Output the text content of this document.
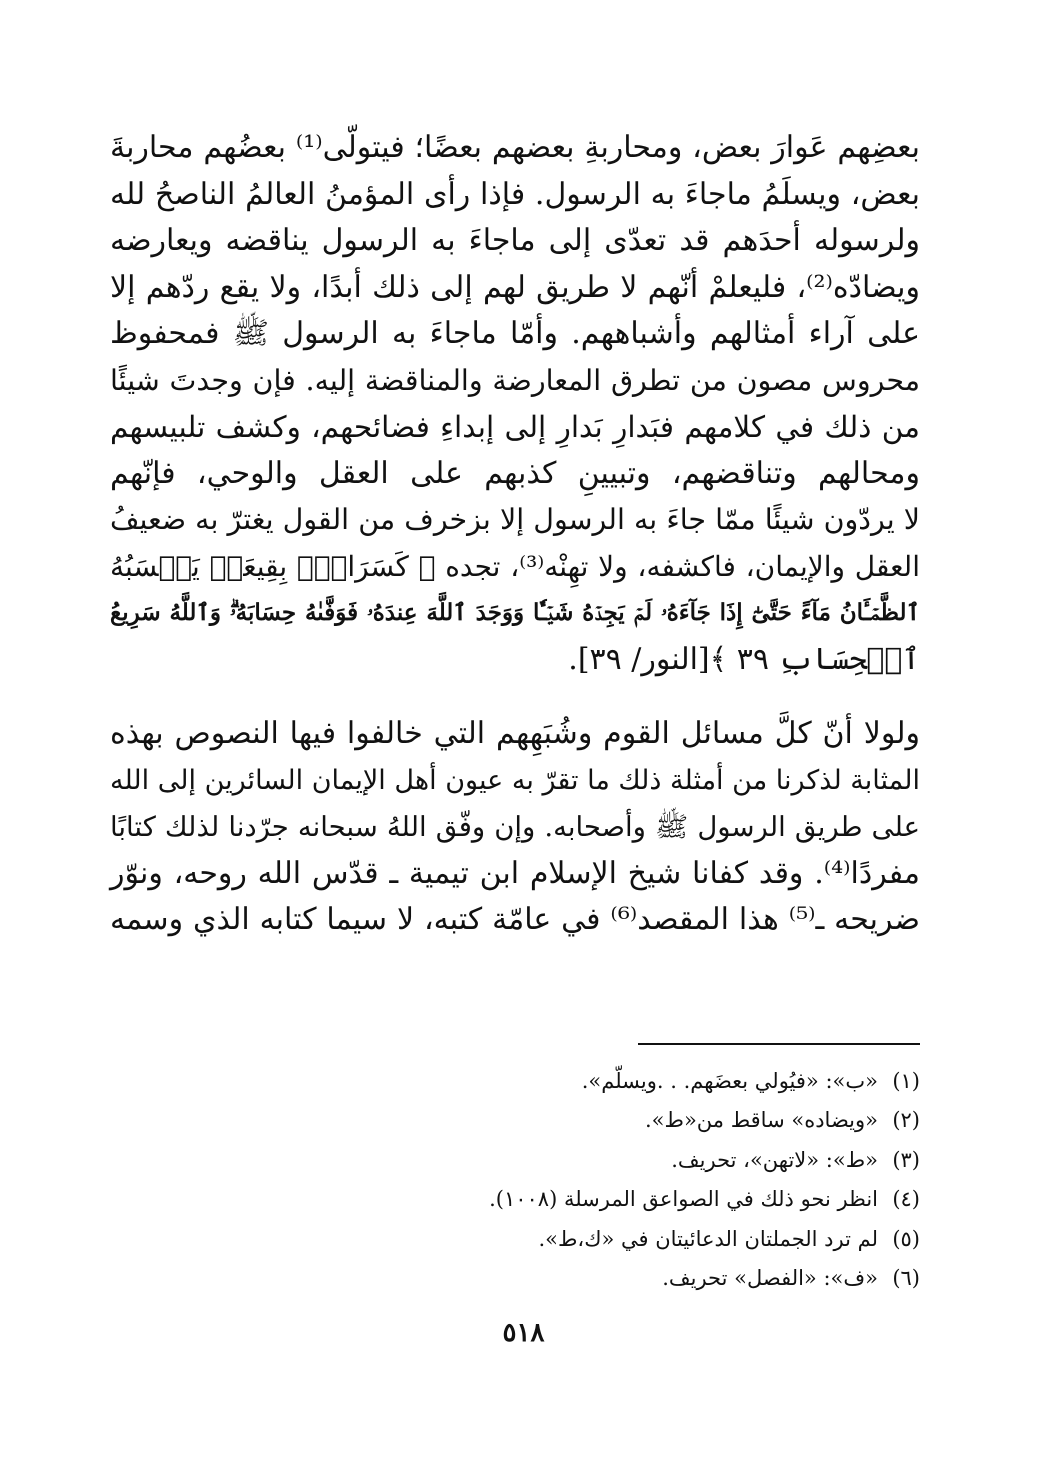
بعضِهم عَوارَ بعض، ومحاربةِ بعضهم بعضًا؛ فيتولّى⁽¹⁾ بعضُهم محاربةَ
بعض، ويسلَمُ ماجاءَ به الرسول. فإذا رأى المؤمنُ العالمُ الناصحُ لله
ولرسوله أحدَهم قد تعدّى إلى ماجاءَ به الرسول يناقضه ويعارضه
ويضادّه⁽²⁾، فليعلمْ أنّهم لا طريق لهم إلى ذلك أبدًا، ولا يقع ردّهم إلا
على آراء أمثالهم وأشباههم. وأمّا ماجاءَ به الرسول ﷺ فمحفوظ
محروس مصون من تطرق المعارضة والمناقضة إليه. فإن وجدتَ شيئًا
من ذلك في كلامهم فبَدارِ بَدارِ إلى إبداءِ فضائحهم، وكشف تلبيسهم
ومحالهم وتناقضهم، وتبيينِ كذبهم على العقل والوحي، فإنّهم
لا يردّون شيئًا ممّا جاءَ به الرسول إلا بزخرف من القول يغترّ به ضعيفُ
العقل والإيمان، فاكشفه، ولا تهِنْه⁽³⁾، تجده ﴿ كَسَرَابِۭ بِقِيعَةٖ يَحۡسَبُهُ
ٱلظَّمۡـَٔانُ مَآءً حَتَّىٰٓ إِذَا جَآءَهُۥ لَمۡ يَجِدۡهُ شَيۡـٔٗا وَوَجَدَ ٱللَّهَ عِندَهُۥ فَوَفَّىٰهُ حِسَابَهُۥۗ وَٱللَّهُ سَرِيعُ
ٱلۡحِسَابِ ٣٩ ﴾[النور/ ٣٩].

ولولا أنّ كلَّ مسائل القوم وشُبَهِهم التي خالفوا فيها النصوص بهذه
المثابة لذكرنا من أمثلة ذلك ما تقرّ به عيون أهل الإيمان السائرين إلى الله
على طريق الرسول ﷺ وأصحابه. وإن وفّق اللهُ سبحانه جرّدنا لذلك كتابًا
مفردًا⁽⁴⁾. وقد كفانا شيخ الإسلام ابن تيمية ـ قدّس الله روحه، ونوّر
ضريحه ـ⁽⁵⁾ هذا المقصد⁽⁶⁾ في عامّة كتبه، لا سيما كتابه الذي وسمه

(١)«ب»: «فيُولي بعضَهم. . .ويسلّم».
(٢)«ويضاده» ساقط من«ط».
(٣)«ط»: «لاتهن»، تحريف.
(٤)انظر نحو ذلك في الصواعق المرسلة (١٠٠٨).
(٥)لم ترد الجملتان الدعائيتان في «ك،ط».
(٦)«ف»: «الفصل» تحريف.
٥١٨
